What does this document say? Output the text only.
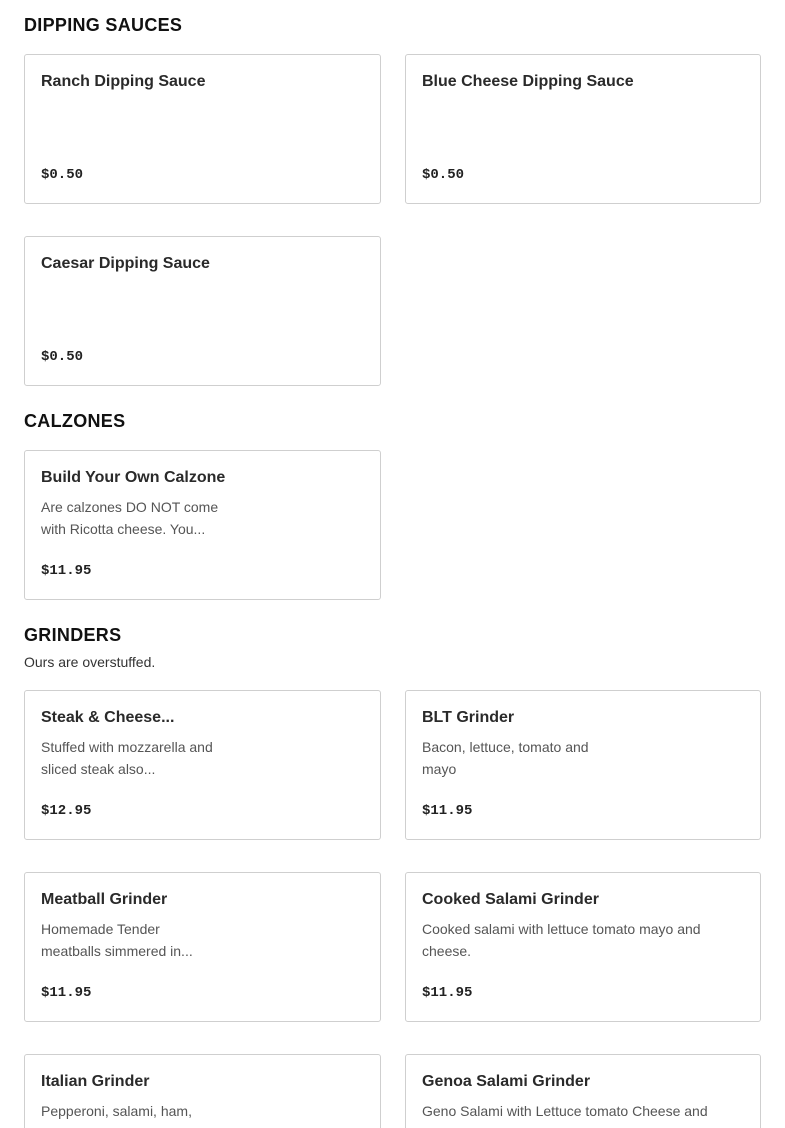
DIPPING SAUCES
Ranch Dipping Sauce
$0.50
Blue Cheese Dipping Sauce
$0.50
Caesar Dipping Sauce
$0.50
CALZONES
Build Your Own Calzone
Are calzones DO NOT come with Ricotta cheese. You...
$11.95
GRINDERS

Ours are overstuffed.

Steak & Cheese...
Stuffed with mozzarella and sliced steak also...
$12.95
BLT Grinder
Bacon, lettuce, tomato and mayo
$11.95
Meatball Grinder
Homemade Tender meatballs simmered in...
$11.95
Cooked Salami Grinder
Cooked salami with lettuce tomato mayo and cheese.
$11.95
Italian Grinder
Pepperoni, salami, ham,
Genoa Salami Grinder
Geno Salami with Lettuce tomato Cheese and
